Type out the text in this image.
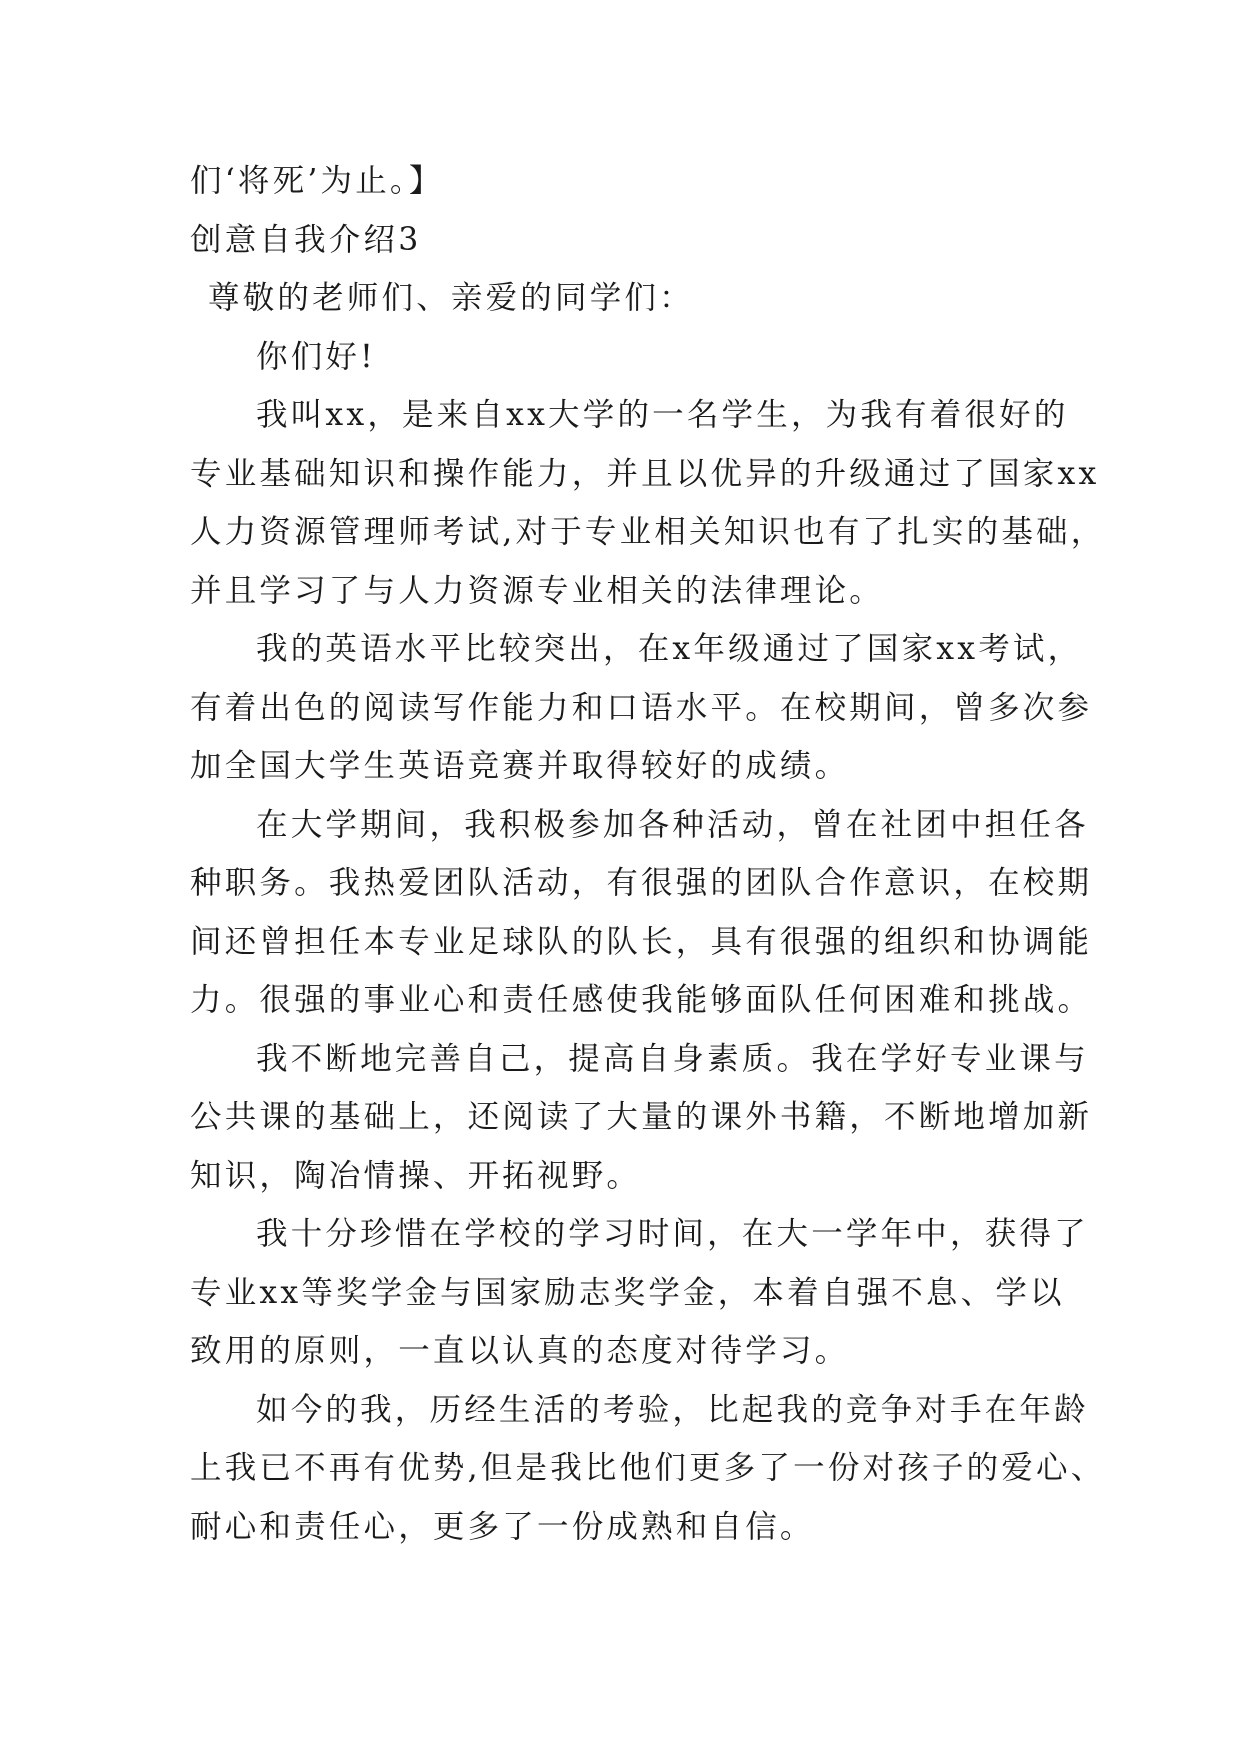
们‘将死’为止。】
创意自我介绍3
尊敬的老师们、亲爱的同学们：
你们好!
我叫xx，是来自xx大学的一名学生，为我有着很好的
专业基础知识和操作能力，并且以优异的升级通过了国家xx
人力资源管理师考试,对于专业相关知识也有了扎实的基础，
并且学习了与人力资源专业相关的法律理论。
我的英语水平比较突出，在x年级通过了国家xx考试，
有着出色的阅读写作能力和口语水平。在校期间，曾多次参
加全国大学生英语竞赛并取得较好的成绩。
在大学期间，我积极参加各种活动，曾在社团中担任各
种职务。我热爱团队活动，有很强的团队合作意识，在校期
间还曾担任本专业足球队的队长，具有很强的组织和协调能
力。很强的事业心和责任感使我能够面队任何困难和挑战。
我不断地完善自己，提高自身素质。我在学好专业课与
公共课的基础上，还阅读了大量的课外书籍，不断地增加新
知识，陶冶情操、开拓视野。
我十分珍惜在学校的学习时间，在大一学年中，获得了
专业xx等奖学金与国家励志奖学金，本着自强不息、学以
致用的原则，一直以认真的态度对待学习。
如今的我，历经生活的考验，比起我的竞争对手在年龄
上我已不再有优势,但是我比他们更多了一份对孩子的爱心、
耐心和责任心，更多了一份成熟和自信。
